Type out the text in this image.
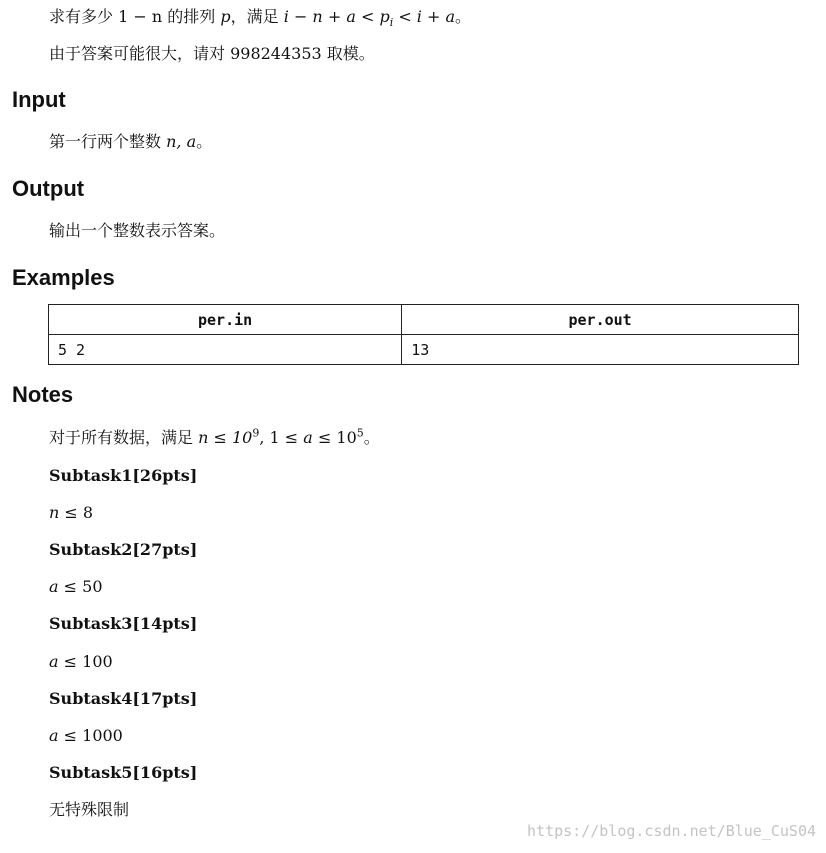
求有多少 1 − n 的排列 p，满足 $i - n + a < p_i < i + a$。
由于答案可能很大，请对 998244353 取模。
Input
第一行两个整数 n, a。
Output
输出一个整数表示答案。
Examples
per.in	per.out
5 2	13
Notes
对于所有数据，满足 $n \le 10^9$, $1 \le a \le 10^5$。
Subtask1[26pts]
n ≤ 8
Subtask2[27pts]
a ≤ 50
Subtask3[14pts]
a ≤ 100
Subtask4[17pts]
a ≤ 1000
Subtask5[16pts]
无特殊限制
https://blog.csdn.net/Blue_CuS04
